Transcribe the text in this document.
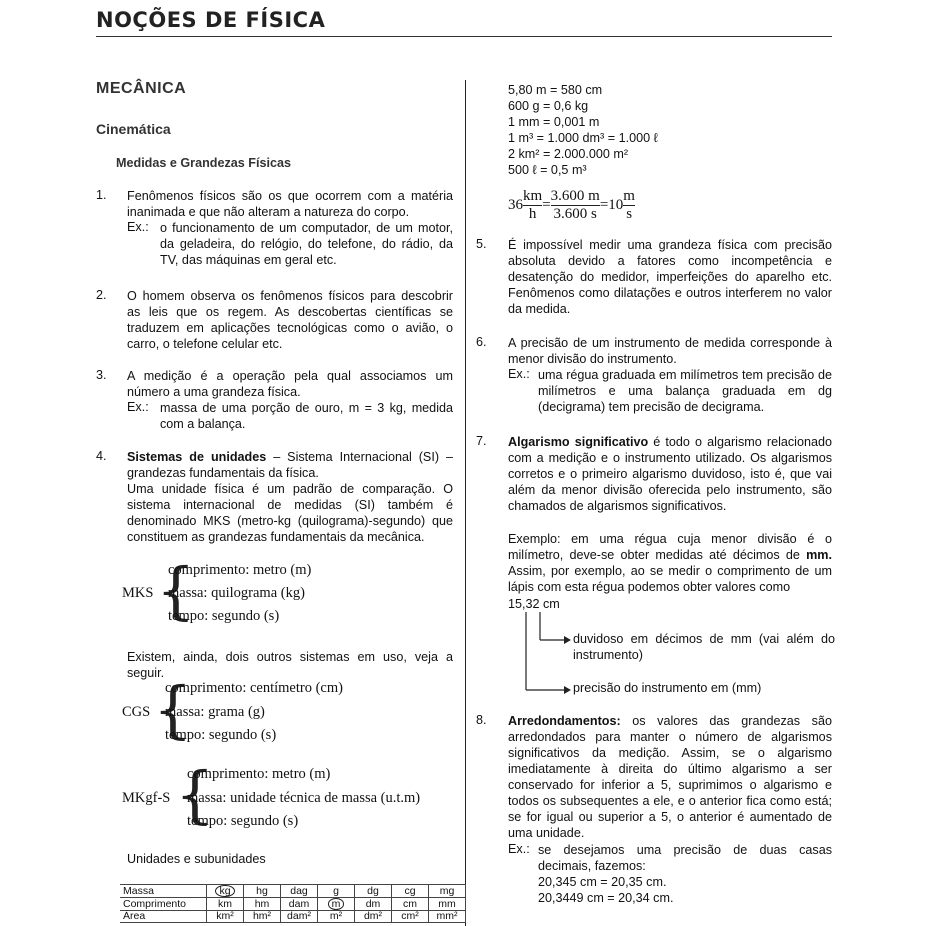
NOÇÕES DE FÍSICA
MECÂNICA
Cinemática
Medidas e Grandezas Físicas
1. Fenômenos físicos são os que ocorrem com a matéria inanimada e que não alteram a natureza do corpo.
Ex.: o funcionamento de um computador, de um motor, da geladeira, do relógio, do telefone, do rádio, da TV, das máquinas em geral etc.
2. O homem observa os fenômenos físicos para descobrir as leis que os regem. As descobertas científicas se traduzem em aplicações tecnológicas como o avião, o carro, o telefone celular etc.
3. A medição é a operação pela qual associamos um número a uma grandeza física.
Ex.: massa de uma porção de ouro, m = 3 kg, medida com a balança.
4. Sistemas de unidades – Sistema Internacional (SI) – grandezas fundamentais da física.
Uma unidade física é um padrão de comparação. O sistema internacional de medidas (SI) também é denominado MKS (metro-kg (quilograma)-segundo) que constituem as grandezas fundamentais da mecânica.
MKS {
comprimento: metro (m)
massa: quilograma (kg)
tempo: segundo (s)
Existem, ainda, dois outros sistemas em uso, veja a seguir.
CGS {
comprimento: centímetro (cm)
massa: grama (g)
tempo: segundo (s)
MKgf-S {
comprimento: metro (m)
massa: unidade técnica de massa (u.t.m)
tempo: segundo (s)
Unidades e subunidades
Massa	kg	hg	dag	g	dg	cg	mg
Comprimento	km	hm	dam	m	dm	cm	mm
Área	km²	hm²	dam²	m²	dm²	cm²	mm²
5,80 m = 580 cm
600 g = 0,6 kg
1 mm = 0,001 m
1 m³ = 1.000 dm³ = 1.000 ℓ
2 km² = 2.000.000 m²
500 ℓ = 0,5 m³
$36 \frac{km}{h} = \frac{3.600 m}{3.600 s} =10 \frac{m}{s}$
5. É impossível medir uma grandeza física com precisão absoluta devido a fatores como incompetência e desatenção do medidor, imperfeições do aparelho etc. Fenômenos como dilatações e outros interferem no valor da medida.
6. A precisão de um instrumento de medida corresponde à menor divisão do instrumento.
Ex.: uma régua graduada em milímetros tem precisão de milímetros e uma balança graduada em dg (decigrama) tem precisão de decigrama.
7. Algarismo significativo é todo o algarismo relacionado com a medição e o instrumento utilizado. Os algarismos corretos e o primeiro algarismo duvidoso, isto é, que vai além da menor divisão oferecida pelo instrumento, são chamados de algarismos significativos.
Exemplo: em uma régua cuja menor divisão é o milímetro, deve-se obter medidas até décimos de mm. Assim, por exemplo, ao se medir o comprimento de um lápis com esta régua podemos obter valores como
15,32 cm
duvidoso em décimos de mm (vai além do instrumento)
precisão do instrumento em (mm)
8. Arredondamentos: os valores das grandezas são arredondados para manter o número de algarismos significativos da medição. Assim, se o algarismo imediatamente à direita do último algarismo a ser conservado for inferior a 5, suprimimos o algarismo e todos os subsequentes a ele, e o anterior fica como está; se for igual ou superior a 5, o anterior é aumentado de uma unidade.
Ex.: se desejamos uma precisão de duas casas decimais, fazemos:
20,345 cm = 20,35 cm.
20,3449 cm = 20,34 cm.
